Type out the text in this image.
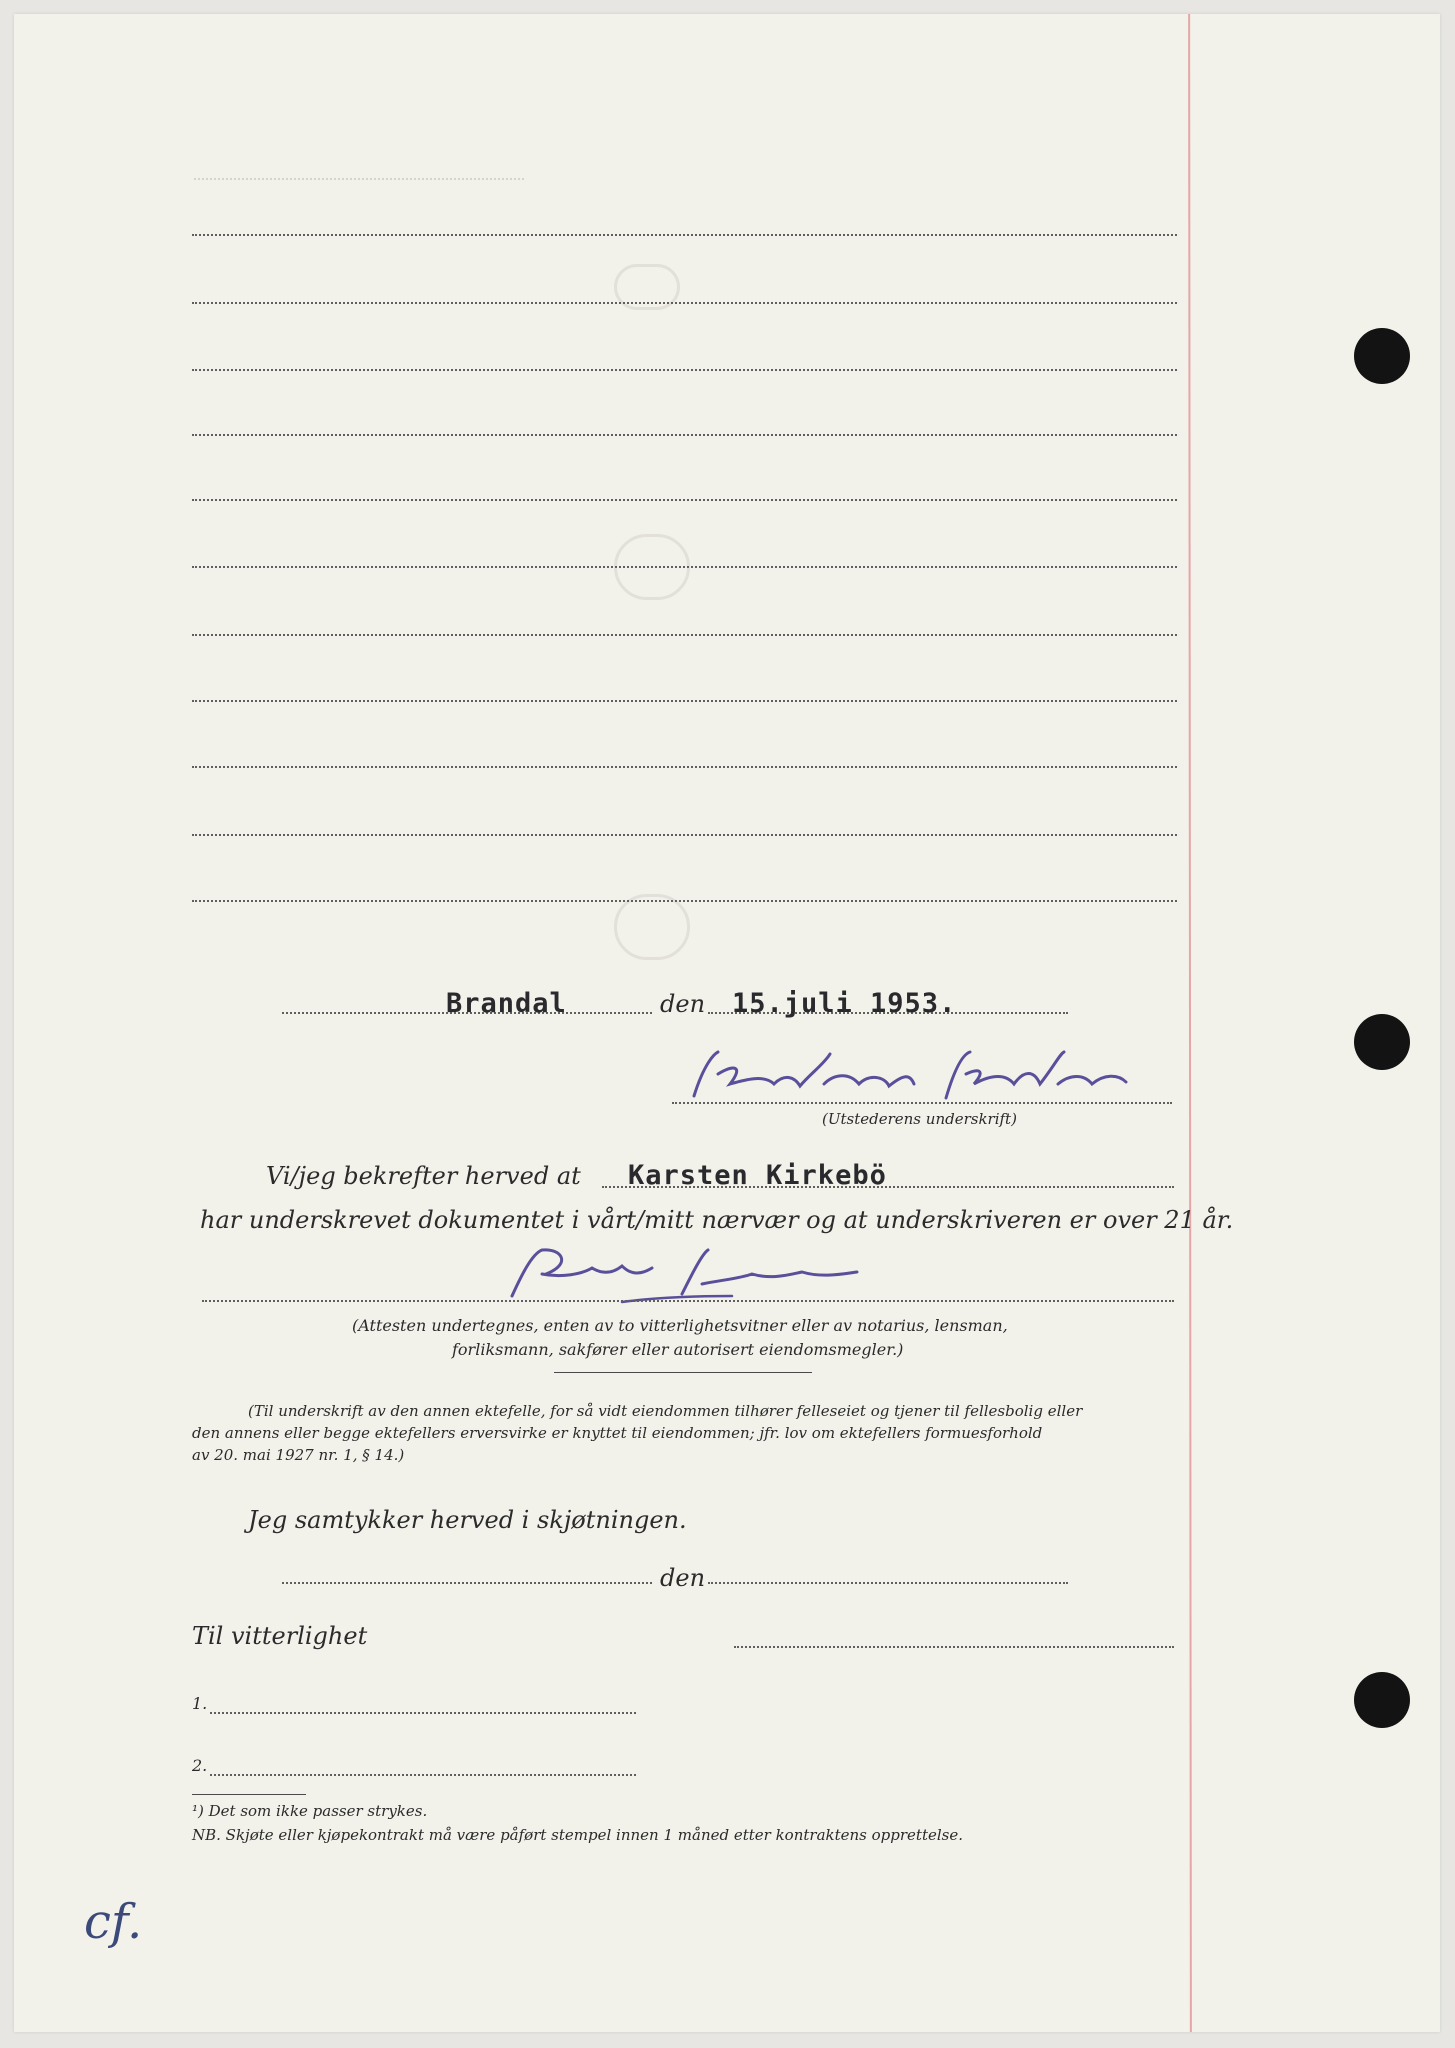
Brandal	den 15.juli 1953.
(Utstederens underskrift)
Vi/jeg bekrefter herved at Karsten Kirkebö
har underskrevet dokumentet i vårt/mitt nærvær og at underskriveren er over 21 år.
(Attesten undertegnes, enten av to vitterlighetsvitner eller av notarius, lensman,
forliksmann, sakfører eller autorisert eiendomsmegler.)
(Til underskrift av den annen ektefelle, for så vidt eiendommen tilhører felleseiet og tjener til fellesbolig eller
den annens eller begge ektefellers erversvirke er knyttet til eiendommen; jfr. lov om ektefellers formuesforhold
av 20. mai 1927 nr. 1, § 14.)
Jeg samtykker herved i skjøtningen.
den
Til vitterlighet
1.
2.
¹) Det som ikke passer strykes.
NB. Skjøte eller kjøpekontrakt må være påført stempel innen 1 måned etter kontraktens opprettelse.
cf.
